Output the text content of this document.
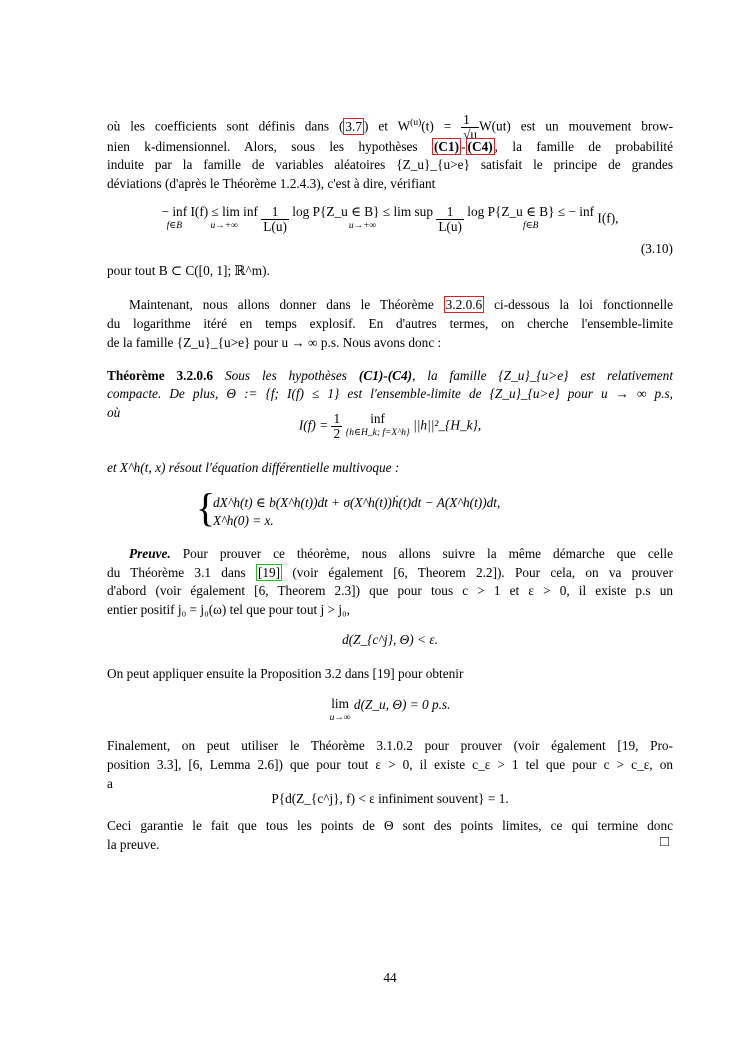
où les coefficients sont définis dans ( 3.7 ) et $W^{(u)}(t) = \frac{1}{√u} W(ut)$ est un mouvement brow-
nien k-dimensionnel. Alors, sous les hypothèses (C1) - (C4) , la famille de probabilité
induite par la famille de variables aléatoires {Z_u}_{u>e} satisfait le principe de grandes
déviations (d'après le Théorème 1.2.4.3), c'est à dire, vérifiant
− inf
f∈B
I(f) ≤ lim inf
u→+∞
	$\frac{1}{L(u)}$ log P{Z_u ∈ B} ≤ lim sup
u→+∞
	$\frac{1}{L(u)}$ log P{Z_u ∈ B} ≤ − inf
f∈B
I(f),
(3.10)
pour tout B ⊂ C([0, 1]; ℝ^m).
Maintenant, nous allons donner dans le Théorème 3.2.0.6 ci-dessous la loi fonctionnelle
du logarithme itéré en temps explosif. En d'autres termes, on cherche l'ensemble-limite
de la famille {Z_u}_{u>e} pour u → ∞ p.s. Nous avons donc :
Théorème 3.2.0.6 Sous les hypothèses (C1)-(C4), la famille {Z_u}_{u>e} est relativement
compacte. De plus, Θ := {f; I(f) ≤ 1} est l'ensemble-limite de {Z_u}_{u>e} pour u → ∞ p.s,
où
$I(f) = \frac{1}{2}$ inf
{h∈H_k; f=X^h}
||h||²_{H_k},
et X^h(t, x) résout l'équation différentielle multivoque :
{
dX^h(t) ∈ b(X^h(t))dt + σ(X^h(t))ḣ(t)dt − A(X^h(t))dt,
X^h(0) = x.
Preuve. Pour prouver ce théorème, nous allons suivre la même démarche que celle
du Théorème 3.1 dans [19] (voir également [6, Theorem 2.2]). Pour cela, on va prouver
d'abord (voir également [6, Theorem 2.3]) que pour tous c > 1 et ε > 0, il existe p.s un
entier positif j₀ = j₀(ω) tel que pour tout j > j₀,
d(Z_{c^j}, Θ) < ε.
On peut appliquer ensuite la Proposition 3.2 dans [19] pour obtenir
lim
u→∞
d(Z_u, Θ) = 0 p.s.
Finalement, on peut utiliser le Théorème 3.1.0.2 pour prouver (voir également [19, Pro-
position 3.3], [6, Lemma 2.6]) que pour tout ε > 0, il existe c_ε > 1 tel que pour c > c_ε, on
a
P{d(Z_{c^j}, f) < ε infiniment souvent} = 1.
Ceci garantie le fait que tous les points de Θ sont des points limites, ce qui termine donc
la preuve.	□
44
